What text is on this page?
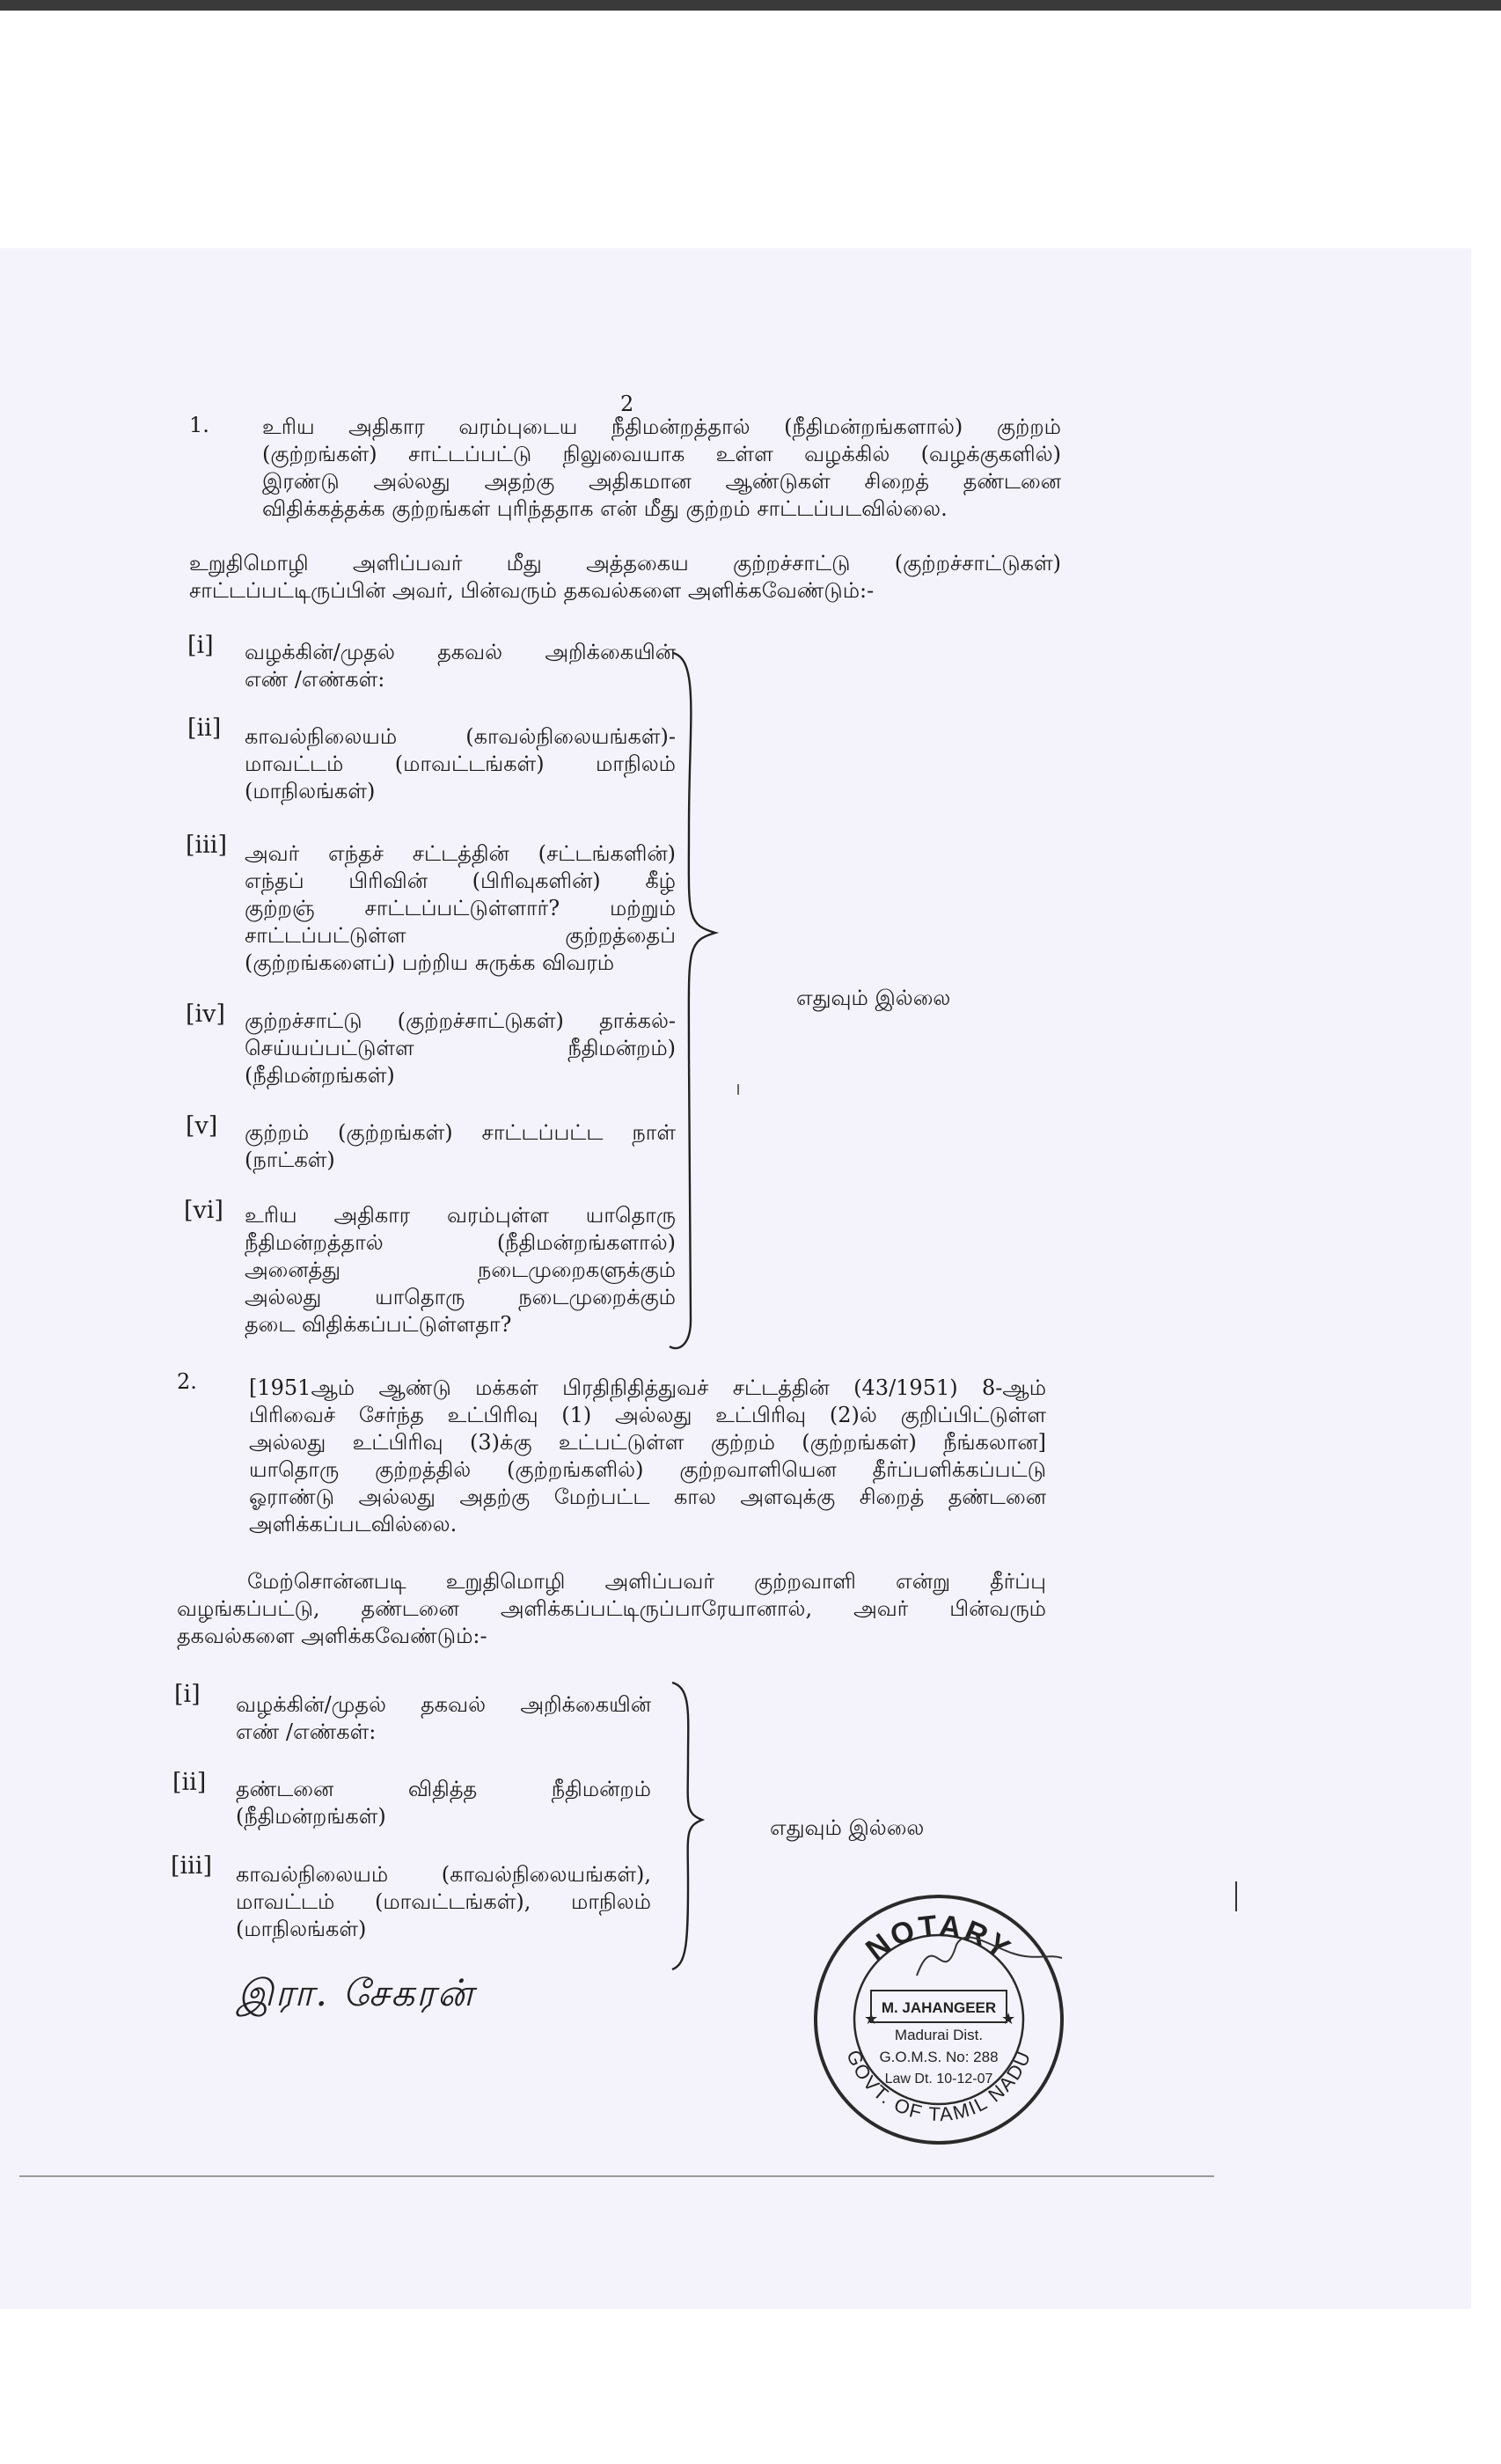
2
1.	உரிய அதிகார வரம்புடைய நீதிமன்றத்தால் (நீதிமன்றங்களால்) குற்றம்
(குற்றங்கள்) சாட்டப்பட்டு நிலுவையாக உள்ள வழக்கில் (வழக்குகளில்)
இரண்டு அல்லது அதற்கு அதிகமான ஆண்டுகள் சிறைத் தண்டனை
விதிக்கத்தக்க குற்றங்கள் புரிந்ததாக என் மீது குற்றம் சாட்டப்படவில்லை.
உறுதிமொழி அளிப்பவர் மீது அத்தகைய குற்றச்சாட்டு (குற்றச்சாட்டுகள்)
சாட்டப்பட்டிருப்பின் அவர், பின்வரும் தகவல்களை அளிக்கவேண்டும்:-
[i] வழக்கின்/முதல் தகவல் அறிக்கையின்
எண் /எண்கள்:
[ii] காவல்நிலையம் (காவல்நிலையங்கள்)-
மாவட்டம் (மாவட்டங்கள்) மாநிலம்
(மாநிலங்கள்)
[iii] அவர் எந்தச் சட்டத்தின் (சட்டங்களின்)
எந்தப் பிரிவின் (பிரிவுகளின்) கீழ்
குற்றஞ் சாட்டப்பட்டுள்ளார்? மற்றும்
சாட்டப்பட்டுள்ள குற்றத்தைப்
(குற்றங்களைப்) பற்றிய சுருக்க விவரம்
[iv] குற்றச்சாட்டு (குற்றச்சாட்டுகள்) தாக்கல்-
செய்யப்பட்டுள்ள நீதிமன்றம்)
(நீதிமன்றங்கள்)
[v] குற்றம் (குற்றங்கள்) சாட்டப்பட்ட நாள்
(நாட்கள்)
[vi] உரிய அதிகார வரம்புள்ள யாதொரு
நீதிமன்றத்தால் (நீதிமன்றங்களால்)
அனைத்து நடைமுறைகளுக்கும்
அல்லது யாதொரு நடைமுறைக்கும்
தடை விதிக்கப்பட்டுள்ளதா?
எதுவும் இல்லை
2. [1951ஆம் ஆண்டு மக்கள் பிரதிநிதித்துவச் சட்டத்தின் (43/1951) 8-ஆம்
பிரிவைச் சேர்ந்த உட்பிரிவு (1) அல்லது உட்பிரிவு (2)ல் குறிப்பிட்டுள்ள
அல்லது உட்பிரிவு (3)க்கு உட்பட்டுள்ள குற்றம் (குற்றங்கள்) நீங்கலான]
யாதொரு குற்றத்தில் (குற்றங்களில்) குற்றவாளியென தீர்ப்பளிக்கப்பட்டு
ஓராண்டு அல்லது அதற்கு மேற்பட்ட கால அளவுக்கு சிறைத் தண்டனை
அளிக்கப்படவில்லை.
மேற்சொன்னபடி உறுதிமொழி அளிப்பவர் குற்றவாளி என்று தீர்ப்பு
வழங்கப்பட்டு, தண்டனை அளிக்கப்பட்டிருப்பாரேயானால், அவர் பின்வரும்
தகவல்களை அளிக்கவேண்டும்:-
[i] வழக்கின்/முதல் தகவல் அறிக்கையின்
எண் /எண்கள்:
[ii] தண்டனை விதித்த நீதிமன்றம்
(நீதிமன்றங்கள்)
[iii] காவல்நிலையம் (காவல்நிலையங்கள்),
மாவட்டம் (மாவட்டங்கள்), மாநிலம்
(மாநிலங்கள்)
எதுவும் இல்லை
இரா. சேகரன்
NOTARY
GOVT. OF TAMIL NADU
★	★
M. JAHANGEER
Madurai Dist.
G.O.M.S. No: 288
Law Dt. 10-12-07
